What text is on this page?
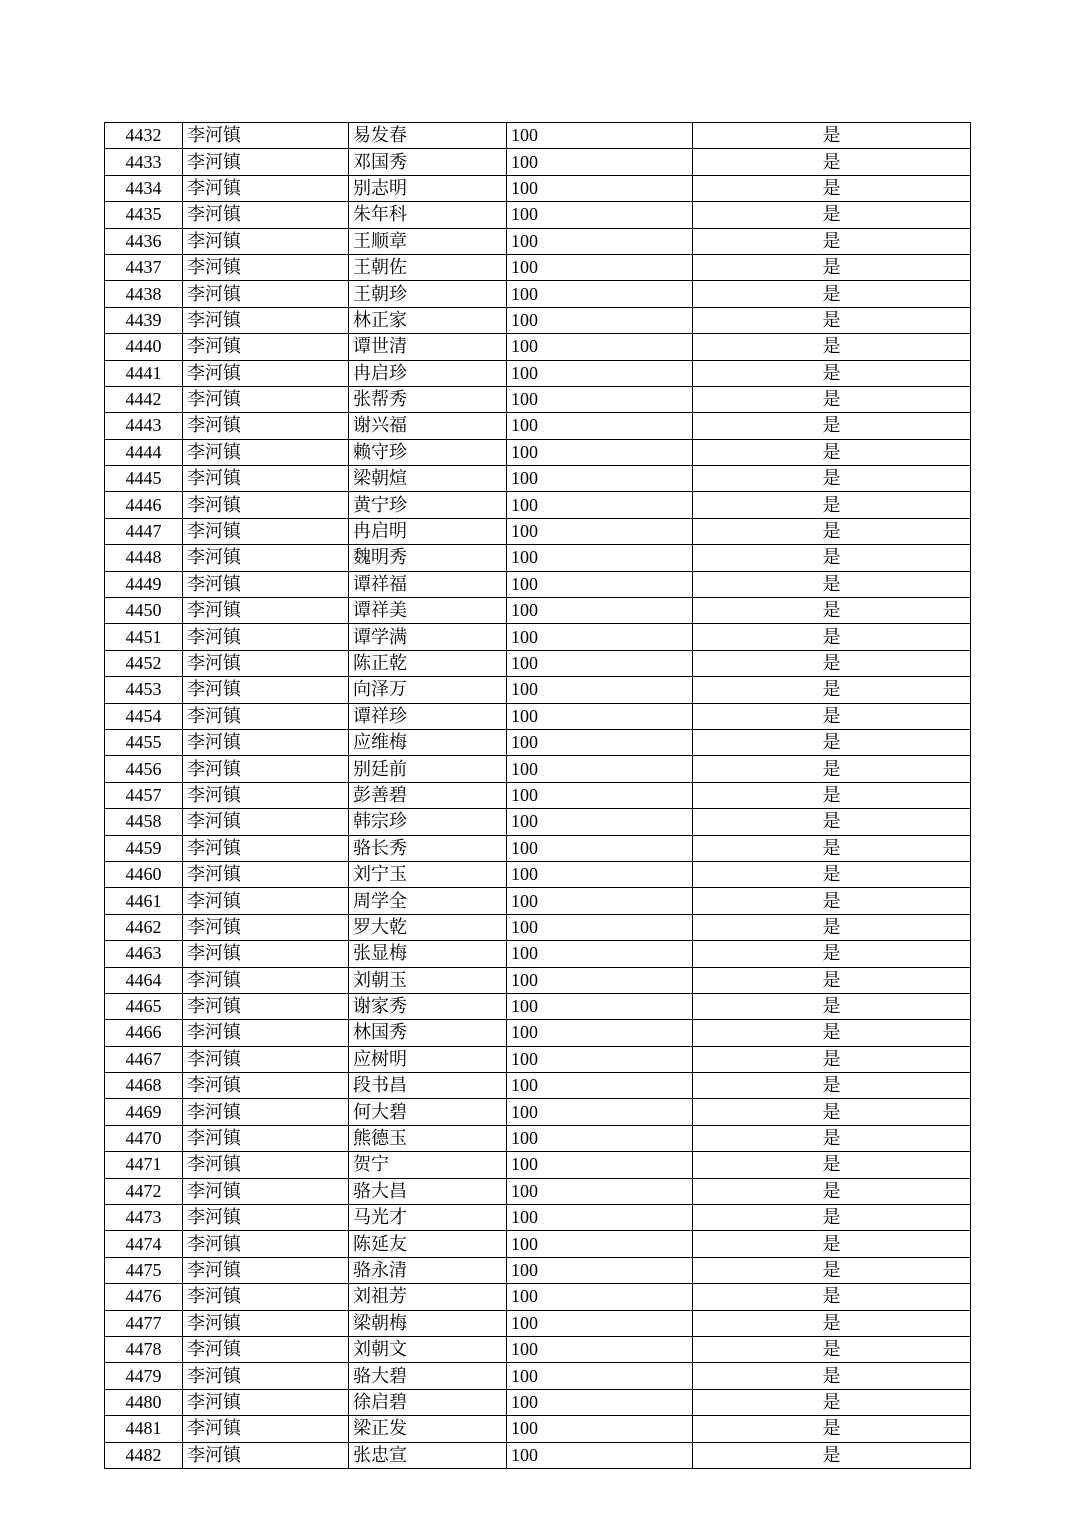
4432	李河镇	易发春	100	是
4433	李河镇	邓国秀	100	是
4434	李河镇	别志明	100	是
4435	李河镇	朱年科	100	是
4436	李河镇	王顺章	100	是
4437	李河镇	王朝佐	100	是
4438	李河镇	王朝珍	100	是
4439	李河镇	林正家	100	是
4440	李河镇	谭世清	100	是
4441	李河镇	冉启珍	100	是
4442	李河镇	张帮秀	100	是
4443	李河镇	谢兴福	100	是
4444	李河镇	赖守珍	100	是
4445	李河镇	梁朝煊	100	是
4446	李河镇	黄宁珍	100	是
4447	李河镇	冉启明	100	是
4448	李河镇	魏明秀	100	是
4449	李河镇	谭祥福	100	是
4450	李河镇	谭祥美	100	是
4451	李河镇	谭学满	100	是
4452	李河镇	陈正乾	100	是
4453	李河镇	向泽万	100	是
4454	李河镇	谭祥珍	100	是
4455	李河镇	应维梅	100	是
4456	李河镇	别廷前	100	是
4457	李河镇	彭善碧	100	是
4458	李河镇	韩宗珍	100	是
4459	李河镇	骆长秀	100	是
4460	李河镇	刘宁玉	100	是
4461	李河镇	周学全	100	是
4462	李河镇	罗大乾	100	是
4463	李河镇	张显梅	100	是
4464	李河镇	刘朝玉	100	是
4465	李河镇	谢家秀	100	是
4466	李河镇	林国秀	100	是
4467	李河镇	应树明	100	是
4468	李河镇	段书昌	100	是
4469	李河镇	何大碧	100	是
4470	李河镇	熊德玉	100	是
4471	李河镇	贺宁	100	是
4472	李河镇	骆大昌	100	是
4473	李河镇	马光才	100	是
4474	李河镇	陈延友	100	是
4475	李河镇	骆永清	100	是
4476	李河镇	刘祖芳	100	是
4477	李河镇	梁朝梅	100	是
4478	李河镇	刘朝文	100	是
4479	李河镇	骆大碧	100	是
4480	李河镇	徐启碧	100	是
4481	李河镇	梁正发	100	是
4482	李河镇	张忠宣	100	是
